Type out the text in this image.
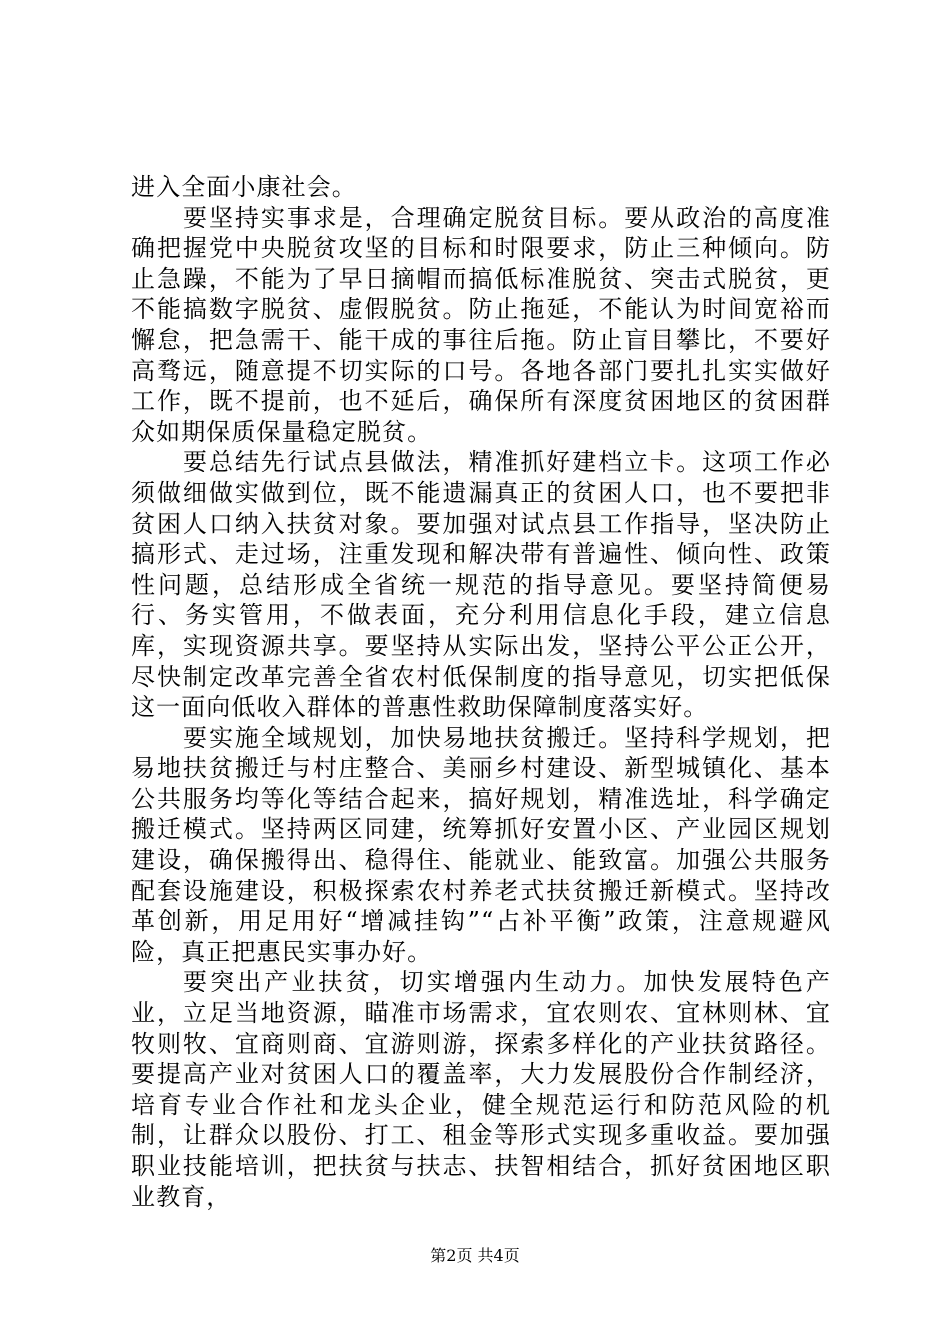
进入全面小康社会。

要坚持实事求是，合理确定脱贫目标。要从政治的高度准确把握党中央脱贫攻坚的目标和时限要求，防止三种倾向。防止急躁，不能为了早日摘帽而搞低标准脱贫、突击式脱贫，更不能搞数字脱贫、虚假脱贫。防止拖延，不能认为时间宽裕而懈怠，把急需干、能干成的事往后拖。防止盲目攀比，不要好高骛远，随意提不切实际的口号。各地各部门要扎扎实实做好工作，既不提前，也不延后，确保所有深度贫困地区的贫困群众如期保质保量稳定脱贫。

要总结先行试点县做法，精准抓好建档立卡。这项工作必须做细做实做到位，既不能遗漏真正的贫困人口，也不要把非贫困人口纳入扶贫对象。要加强对试点县工作指导，坚决防止搞形式、走过场，注重发现和解决带有普遍性、倾向性、政策性问题，总结形成全省统一规范的指导意见。要坚持简便易行、务实管用，不做表面，充分利用信息化手段，建立信息库，实现资源共享。要坚持从实际出发，坚持公平公正公开，尽快制定改革完善全省农村低保制度的指导意见，切实把低保这一面向低收入群体的普惠性救助保障制度落实好。

要实施全域规划，加快易地扶贫搬迁。坚持科学规划，把易地扶贫搬迁与村庄整合、美丽乡村建设、新型城镇化、基本公共服务均等化等结合起来，搞好规划，精准选址，科学确定搬迁模式。坚持两区同建，统筹抓好安置小区、产业园区规划建设，确保搬得出、稳得住、能就业、能致富。加强公共服务配套设施建设，积极探索农村养老式扶贫搬迁新模式。坚持改革创新，用足用好“增减挂钩”“占补平衡”政策，注意规避风险，真正把惠民实事办好。

要突出产业扶贫，切实增强内生动力。加快发展特色产业，立足当地资源，瞄准市场需求，宜农则农、宜林则林、宜牧则牧、宜商则商、宜游则游，探索多样化的产业扶贫路径。要提高产业对贫困人口的覆盖率，大力发展股份合作制经济，培育专业合作社和龙头企业，健全规范运行和防范风险的机制，让群众以股份、打工、租金等形式实现多重收益。要加强职业技能培训，把扶贫与扶志、扶智相结合，抓好贫困地区职业教育，

第2页 共4页
